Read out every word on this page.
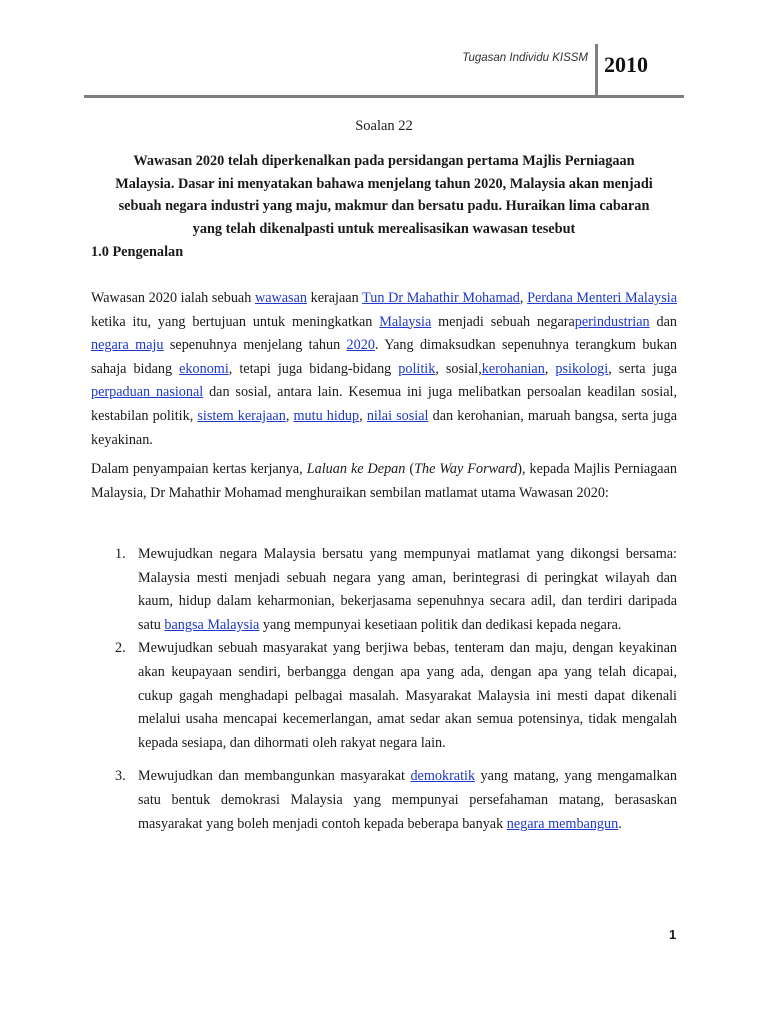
Tugasan Individu KISSM 2010
Soalan 22
Wawasan 2020 telah diperkenalkan pada persidangan pertama Majlis Perniagaan Malaysia. Dasar ini menyatakan bahawa menjelang tahun 2020, Malaysia akan menjadi sebuah negara industri yang maju, makmur dan bersatu padu. Huraikan lima cabaran yang telah dikenalpasti untuk merealisasikan wawasan tesebut
1.0 Pengenalan
Wawasan 2020 ialah sebuah wawasan kerajaan Tun Dr Mahathir Mohamad, Perdana Menteri Malaysia ketika itu, yang bertujuan untuk meningkatkan Malaysia menjadi sebuah negaraperindustrian dan negara maju sepenuhnya menjelang tahun 2020. Yang dimaksudkan sepenuhnya terangkum bukan sahaja bidang ekonomi, tetapi juga bidang-bidang politik, sosial,kerohanian, psikologi, serta juga perpaduan nasional dan sosial, antara lain. Kesemua ini juga melibatkan persoalan keadilan sosial, kestabilan politik, sistem kerajaan, mutu hidup, nilai sosial dan kerohanian, maruah bangsa, serta juga keyakinan.
Dalam penyampaian kertas kerjanya, Laluan ke Depan (The Way Forward), kepada Majlis Perniagaan Malaysia, Dr Mahathir Mohamad menghuraikan sembilan matlamat utama Wawasan 2020:
1. Mewujudkan negara Malaysia bersatu yang mempunyai matlamat yang dikongsi bersama: Malaysia mesti menjadi sebuah negara yang aman, berintegrasi di peringkat wilayah dan kaum, hidup dalam keharmonian, bekerjasama sepenuhnya secara adil, dan terdiri daripada satu bangsa Malaysia yang mempunyai kesetiaan politik dan dedikasi kepada negara.
2. Mewujudkan sebuah masyarakat yang berjiwa bebas, tenteram dan maju, dengan keyakinan akan keupayaan sendiri, berbangga dengan apa yang ada, dengan apa yang telah dicapai, cukup gagah menghadapi pelbagai masalah. Masyarakat Malaysia ini mesti dapat dikenali melalui usaha mencapai kecemerlangan, amat sedar akan semua potensinya, tidak mengalah kepada sesiapa, dan dihormati oleh rakyat negara lain.
3. Mewujudkan dan membangunkan masyarakat demokratik yang matang, yang mengamalkan satu bentuk demokrasi Malaysia yang mempunyai persefahaman matang, berasaskan masyarakat yang boleh menjadi contoh kepada beberapa banyak negara membangun.
1
